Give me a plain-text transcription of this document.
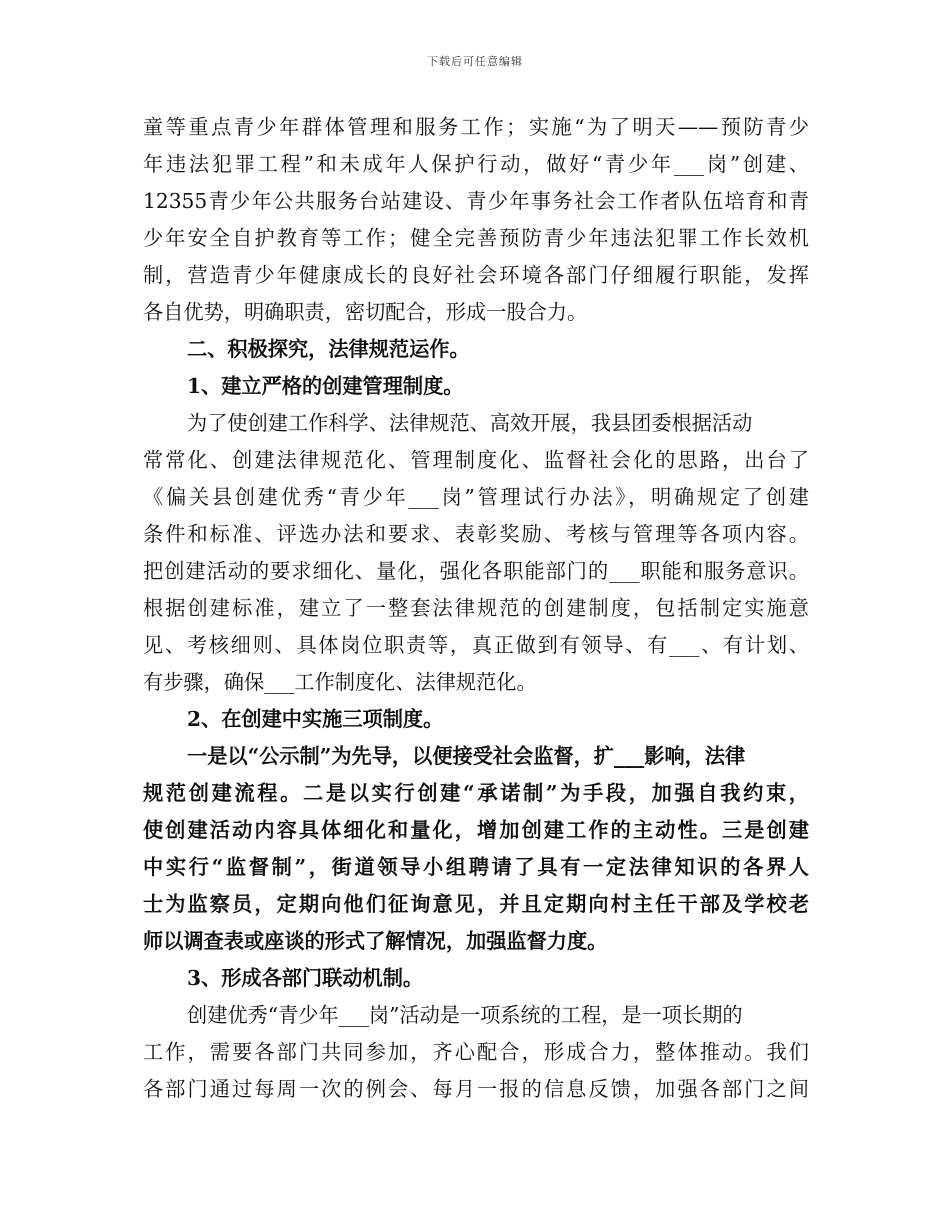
下载后可任意编辑
童等重点青少年群体管理和服务工作；实施“为了明天——预防青少
年违法犯罪工程”和未成年人保护行动，做好“青少年___岗”创建、
12355青少年公共服务台站建设、青少年事务社会工作者队伍培育和青
少年安全自护教育等工作；健全完善预防青少年违法犯罪工作长效机
制，营造青少年健康成长的良好社会环境各部门仔细履行职能，发挥
各自优势，明确职责，密切配合，形成一股合力。
二、积极探究，法律规范运作。
1、建立严格的创建管理制度。
为了使创建工作科学、法律规范、高效开展，我县团委根据活动
常常化、创建法律规范化、管理制度化、监督社会化的思路，出台了
《偏关县创建优秀“青少年___岗”管理试行办法》，明确规定了创建
条件和标准、评选办法和要求、表彰奖励、考核与管理等各项内容。
把创建活动的要求细化、量化，强化各职能部门的___职能和服务意识。
根据创建标准，建立了一整套法律规范的创建制度，包括制定实施意
见、考核细则、具体岗位职责等，真正做到有领导、有___、有计划、
有步骤，确保___工作制度化、法律规范化。
2、在创建中实施三项制度。
一是以“公示制”为先导，以便接受社会监督，扩___影响，法律
规范创建流程。二是以实行创建“承诺制”为手段，加强自我约束，
使创建活动内容具体细化和量化，增加创建工作的主动性。三是创建
中实行“监督制”，街道领导小组聘请了具有一定法律知识的各界人
士为监察员，定期向他们征询意见，并且定期向村主任干部及学校老
师以调查表或座谈的形式了解情况，加强监督力度。
3、形成各部门联动机制。
创建优秀“青少年___岗”活动是一项系统的工程，是一项长期的
工作，需要各部门共同参加，齐心配合，形成合力，整体推动。我们
各部门通过每周一次的例会、每月一报的信息反馈，加强各部门之间
